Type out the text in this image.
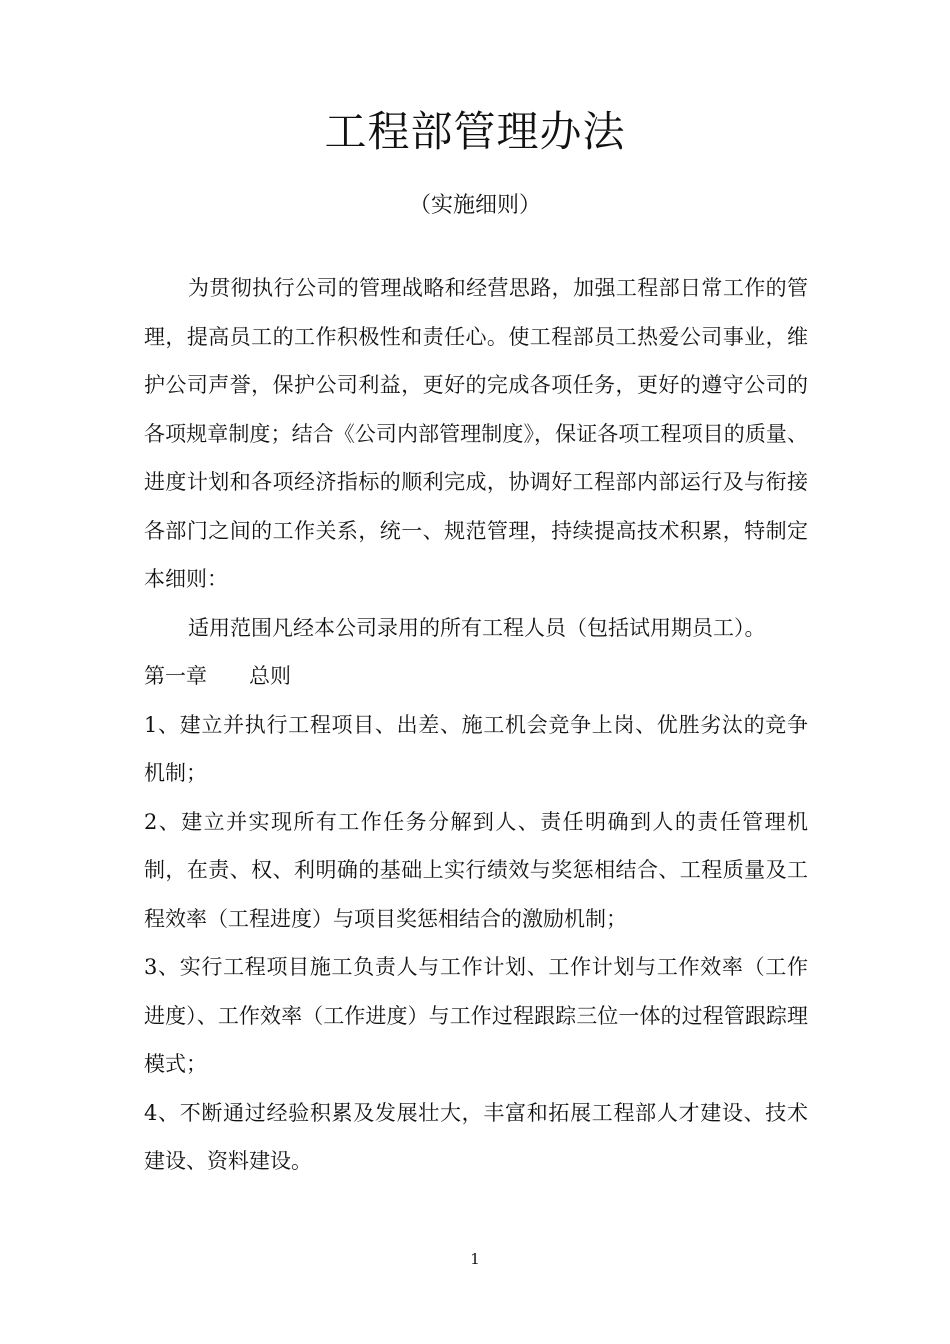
工程部管理办法
（实施细则）

为贯彻执行公司的管理战略和经营思路，加强工程部日常工作的管理，提高员工的工作积极性和责任心。使工程部员工热爱公司事业，维护公司声誉，保护公司利益，更好的完成各项任务，更好的遵守公司的各项规章制度；结合《公司内部管理制度》，保证各项工程项目的质量、进度计划和各项经济指标的顺利完成，协调好工程部内部运行及与衔接各部门之间的工作关系，统一、规范管理，持续提高技术积累，特制定本细则：

适用范围凡经本公司录用的所有工程人员（包括试用期员工）。

第一章　　总则

1、建立并执行工程项目、出差、施工机会竞争上岗、优胜劣汰的竞争机制；

2、建立并实现所有工作任务分解到人、责任明确到人的责任管理机制，在责、权、利明确的基础上实行绩效与奖惩相结合、工程质量及工程效率（工程进度）与项目奖惩相结合的激励机制；

3、实行工程项目施工负责人与工作计划、工作计划与工作效率（工作进度）、工作效率（工作进度）与工作过程跟踪三位一体的过程管跟踪理模式；

4、不断通过经验积累及发展壮大，丰富和拓展工程部人才建设、技术建设、资料建设。

1
